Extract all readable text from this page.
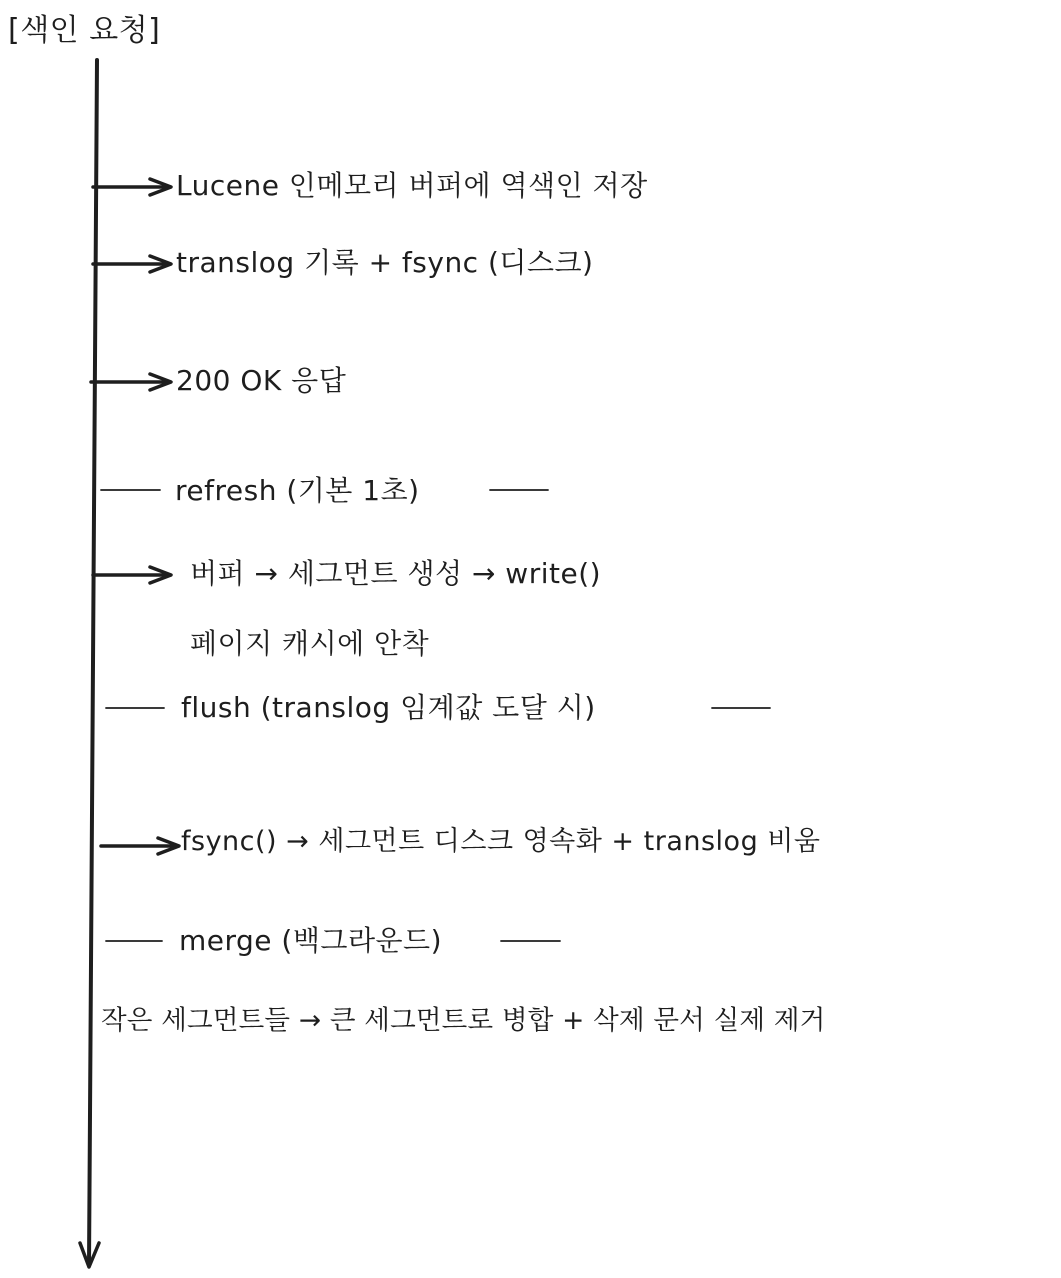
[색인 요청]
Lucene 인메모리 버퍼에 역색인 저장
translog 기록 + fsync (디스크)
200 OK 응답
refresh (기본 1초)
버퍼 → 세그먼트 생성 → write()
페이지 캐시에 안착
flush (translog 임계값 도달 시)
fsync() → 세그먼트 디스크 영속화 + translog 비움
merge (백그라운드)
작은 세그먼트들 → 큰 세그먼트로 병합 + 삭제 문서 실제 제거
